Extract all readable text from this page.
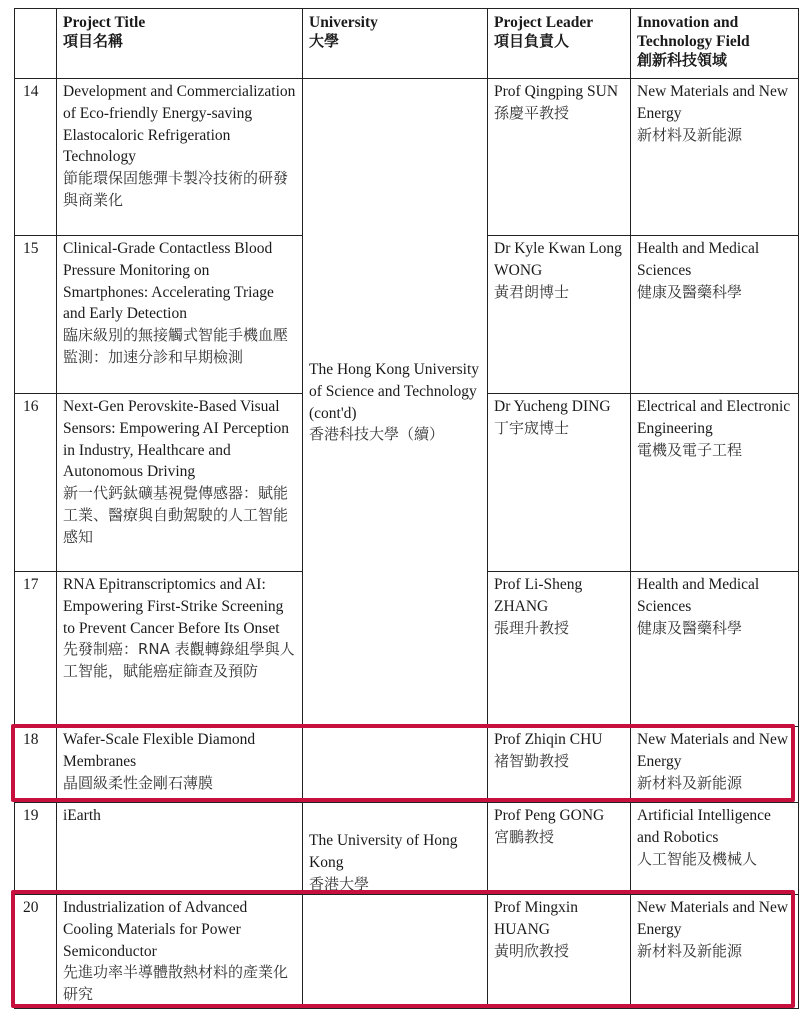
	Project Title
項目名稱	University
大學	Project Leader
項目負責人	Innovation and Technology Field
創新科技領域

14	Development and Commercialization of Eco-friendly Energy-saving Elastocaloric Refrigeration Technology
節能環保固態彈卡製冷技術的研發與商業化	The Hong Kong University of Science and Technology (cont'd)
香港科技大學（續）	Prof Qingping SUN
孫慶平教授	New Materials and New Energy
新材料及新能源

15	Clinical-Grade Contactless Blood Pressure Monitoring on Smartphones: Accelerating Triage and Early Detection
臨床級別的無接觸式智能手機血壓監測：加速分診和早期檢測		Dr Kyle Kwan Long WONG
黃君朗博士	Health and Medical Sciences
健康及醫藥科學

16	Next-Gen Perovskite-Based Visual Sensors: Empowering AI Perception in Industry, Healthcare and Autonomous Driving
新一代鈣鈦礦基視覺傳感器：賦能工業、醫療與自動駕駛的人工智能感知		Dr Yucheng DING
丁宇宬博士	Electrical and Electronic Engineering
電機及電子工程

17	RNA Epitranscriptomics and AI: Empowering First-Strike Screening to Prevent Cancer Before Its Onset
先發制癌：RNA 表觀轉錄組學與人工智能，賦能癌症篩查及預防		Prof Li-Sheng ZHANG
張理升教授	Health and Medical Sciences
健康及醫藥科學

18	Wafer-Scale Flexible Diamond Membranes
晶圓級柔性金剛石薄膜		Prof Zhiqin CHU
褚智勤教授	New Materials and New Energy
新材料及新能源

19	iEarth	The University of Hong Kong
香港大學	Prof Peng GONG
宮鵬教授	Artificial Intelligence and Robotics
人工智能及機械人

20	Industrialization of Advanced Cooling Materials for Power Semiconductor
先進功率半導體散熱材料的產業化研究		Prof Mingxin HUANG
黃明欣教授	New Materials and New Energy
新材料及新能源
